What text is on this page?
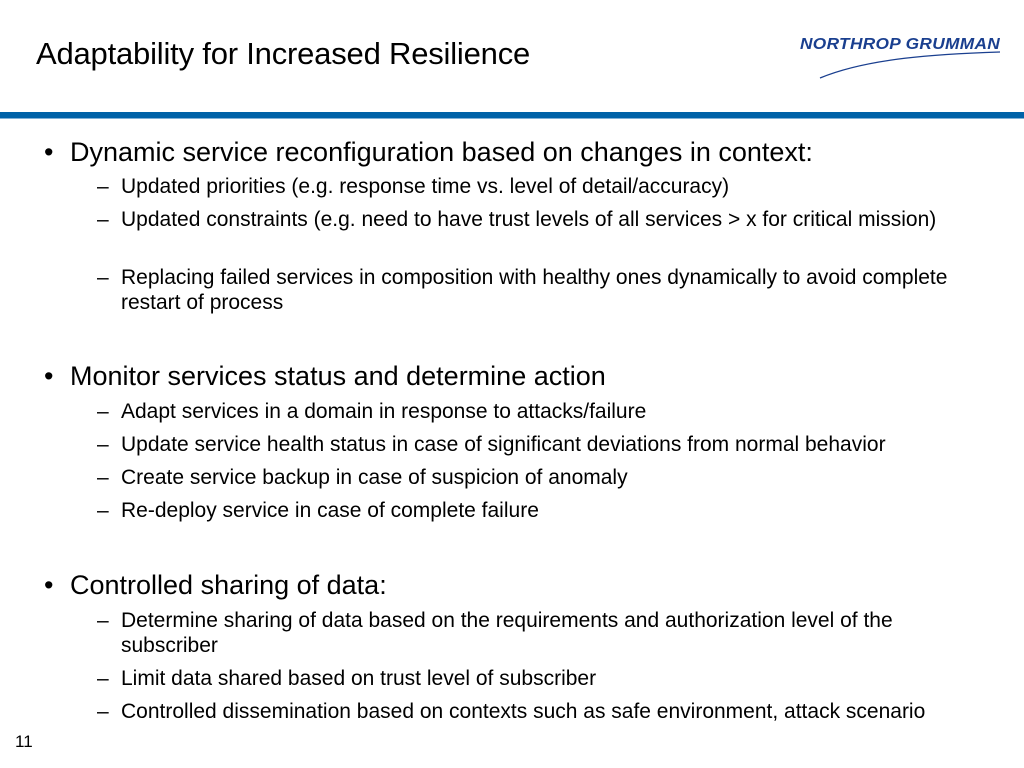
Adaptability for Increased Resilience	NORTHROP GRUMMAN
• Dynamic service reconfiguration based on changes in context:
– Updated priorities (e.g. response time vs. level of detail/accuracy)
– Updated constraints (e.g. need to have trust levels of all services > x for critical mission)
– Replacing failed services in composition with healthy ones dynamically to avoid complete restart of process
• Monitor services status and determine action
– Adapt services in a domain in response to attacks/failure
– Update service health status in case of significant deviations from normal behavior
– Create service backup in case of suspicion of anomaly
– Re-deploy service in case of complete failure
• Controlled sharing of data:
– Determine sharing of data based on the requirements and authorization level of the subscriber
– Limit data shared based on trust level of subscriber
– Controlled dissemination based on contexts such as safe environment, attack scenario
11
